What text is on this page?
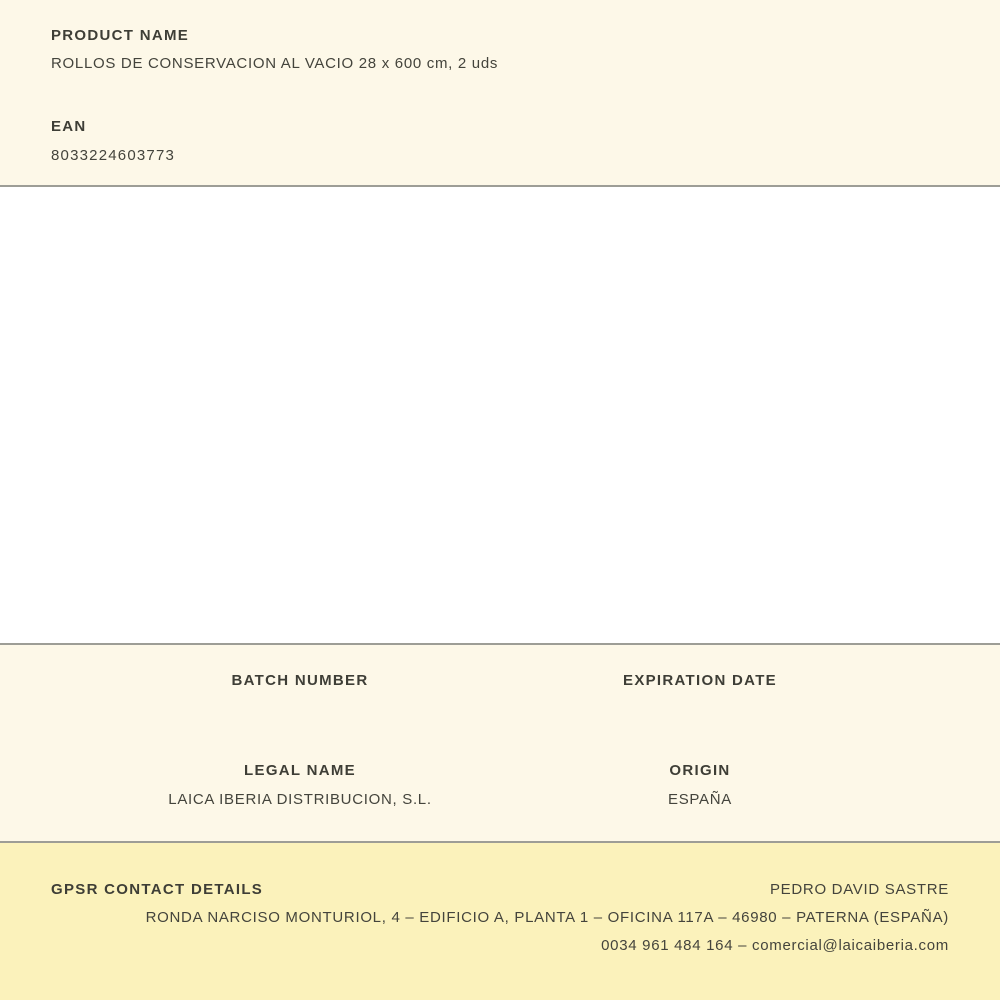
PRODUCT NAME
ROLLOS DE CONSERVACION AL VACIO 28 x 600 cm, 2 uds
EAN
8033224603773
BATCH NUMBER	EXPIRATION DATE
LEGAL NAME
LAICA IBERIA DISTRIBUCION, S.L.
ORIGIN
ESPAÑA
GPSR CONTACT DETAILS	PEDRO DAVID SASTRE
RONDA NARCISO MONTURIOL, 4 – EDIFICIO A, PLANTA 1 – OFICINA 117A – 46980 – PATERNA (ESPAÑA)
0034 961 484 164 – comercial@laicaiberia.com
